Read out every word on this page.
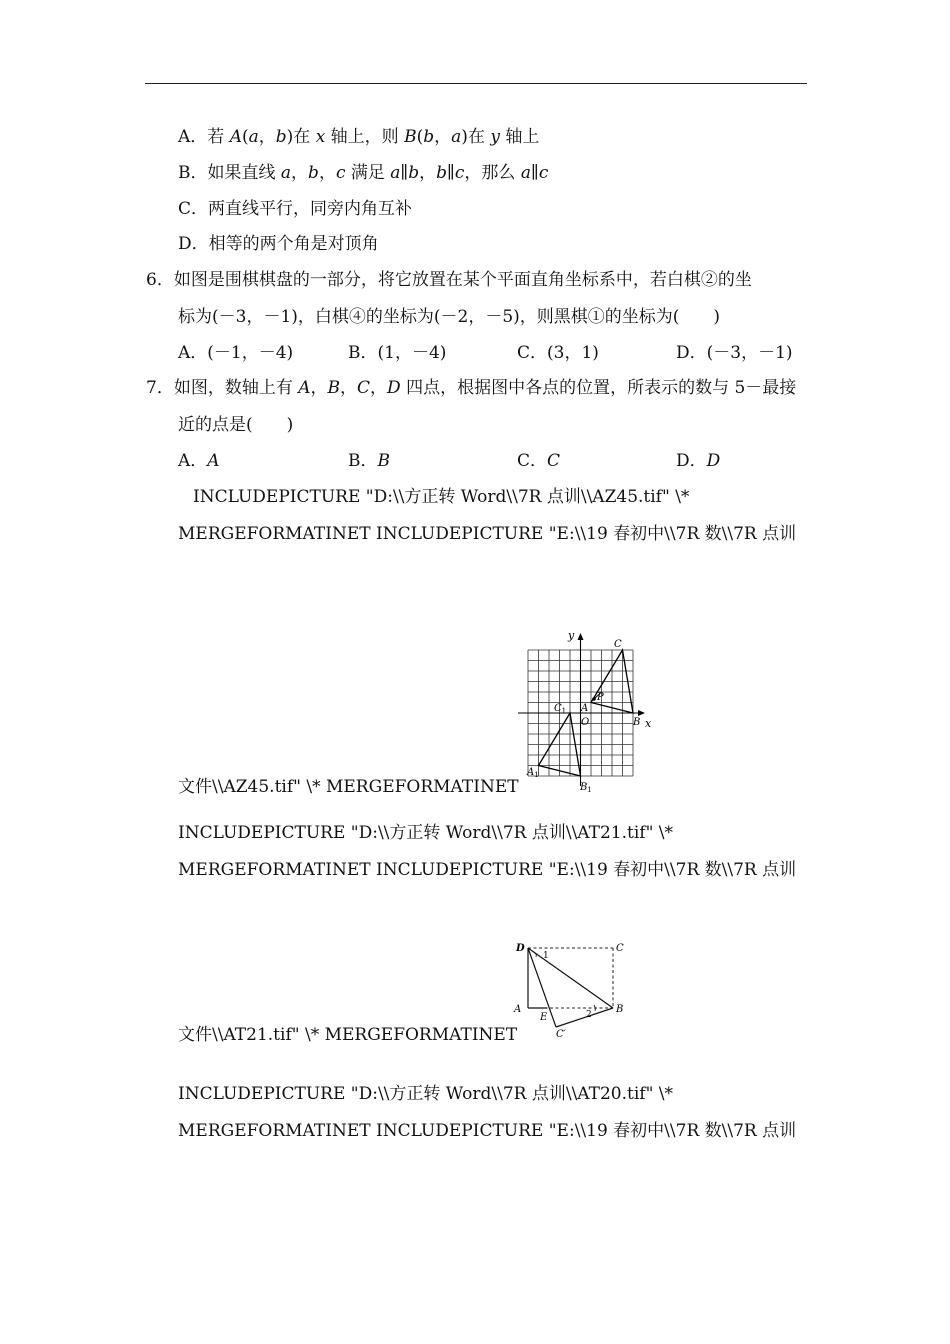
A．若 A(a，b)在 x 轴上，则 B(b，a)在 y 轴上
B．如果直线 a，b，c 满足 a∥b，b∥c，那么 a∥c
C．两直线平行，同旁内角互补
D．相等的两个角是对顶角
6．如图是围棋棋盘的一部分，将它放置在某个平面直角坐标系中，若白棋②的坐
标为(－3，－1)，白棋④的坐标为(－2，－5)，则黑棋①的坐标为(　　)
A．(－1，－4)	B．(1，－4)	C．(3，1)	D．(－3，－1)
7．如图，数轴上有 A，B，C，D 四点，根据图中各点的位置，所表示的数与 5－最接
近的点是(　　)
A．A	B．B	C．C	D．D
INCLUDEPICTURE "D:\\方正转 Word\\7R 点训\\AZ45.tif" \*
MERGEFORMATINET INCLUDEPICTURE "E:\\19 春初中\\7R 数\\7R 点训
文件\\AZ45.tif" \* MERGEFORMATINET
x
y
O
C
P
A
B
$C_1$
$A_1$
$B_1$
INCLUDEPICTURE "D:\\方正转 Word\\7R 点训\\AT21.tif" \*
MERGEFORMATINET INCLUDEPICTURE "E:\\19 春初中\\7R 数\\7R 点训
文件\\AT21.tif" \* MERGEFORMATINET
D	C
A	B
E
C′
1
2
INCLUDEPICTURE "D:\\方正转 Word\\7R 点训\\AT20.tif" \*
MERGEFORMATINET INCLUDEPICTURE "E:\\19 春初中\\7R 数\\7R 点训
